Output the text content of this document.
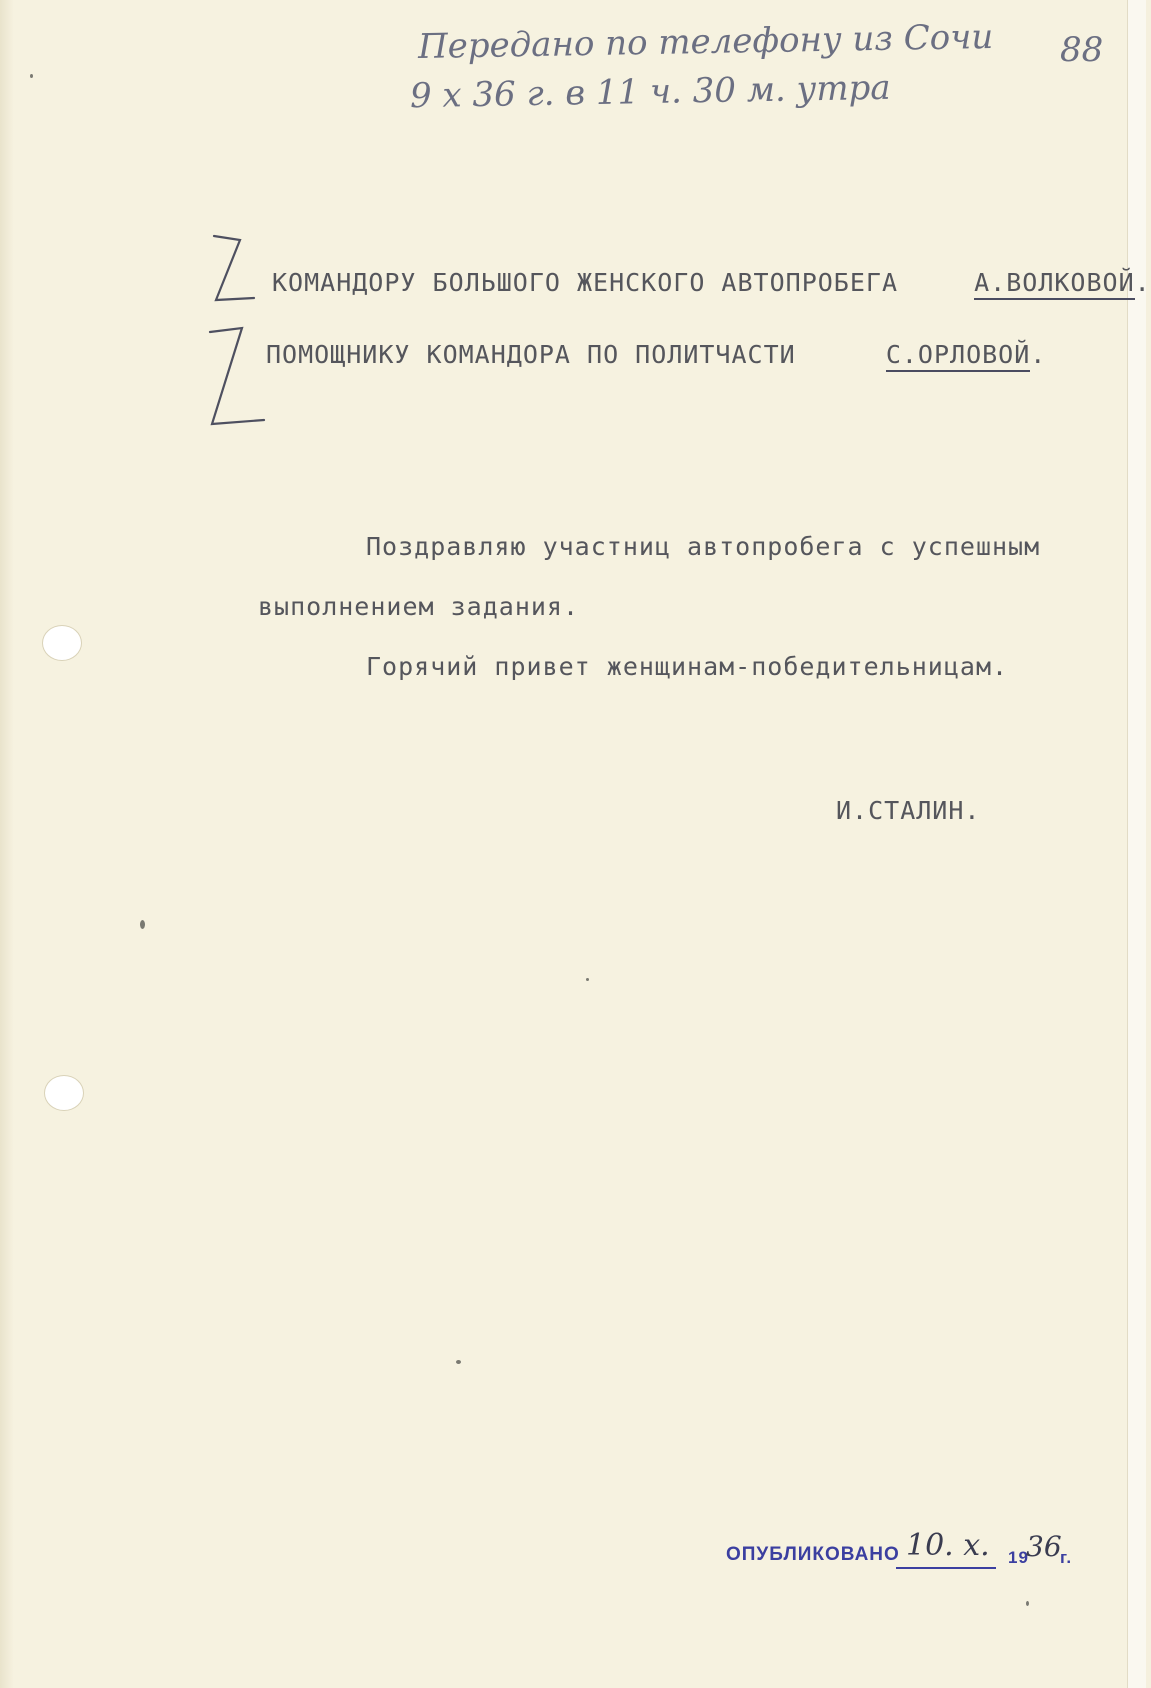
Передано по телефону из Сочи
9 х 36 г. в 11 ч. 30 м. утра
88
КОМАНДОРУ БОЛЬШОГО ЖЕНСКОГО АВТОПРОБЕГА	А.ВОЛКОВОЙ.
ПОМОЩНИКУ КОМАНДОРА ПО ПОЛИТЧАСТИ	С.ОРЛОВОЙ.
Поздравляю участниц автопробега с успешным
выполнением задания.
Горячий привет женщинам-победительницам.
И.СТАЛИН.
ОПУБЛИКОВАНО 10. х. 19
36
г.
